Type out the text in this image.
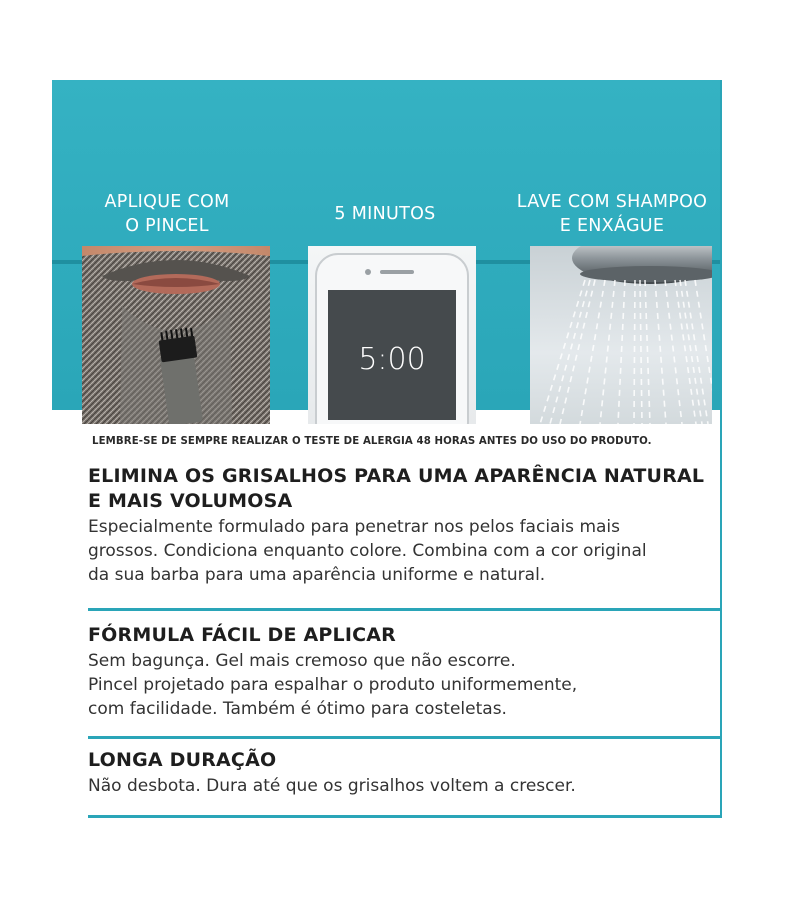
APLIQUE COM
O PINCEL
5 MINUTOS
LAVE COM SHAMPOO
E ENXÁGUE
5:00
LEMBRE-SE DE SEMPRE REALIZAR O TESTE DE ALERGIA 48 HORAS ANTES DO USO DO PRODUTO.
ELIMINA OS GRISALHOS PARA UMA APARÊNCIA NATURAL
E MAIS VOLUMOSA

Especialmente formulado para penetrar nos pelos faciais mais
grossos. Condiciona enquanto colore. Combina com a cor original
da sua barba para uma aparência uniforme e natural.

FÓRMULA FÁCIL DE APLICAR

Sem bagunça. Gel mais cremoso que não escorre.
Pincel projetado para espalhar o produto uniformemente,
com facilidade. Também é ótimo para costeletas.

LONGA DURAÇÃO

Não desbota. Dura até que os grisalhos voltem a crescer.
